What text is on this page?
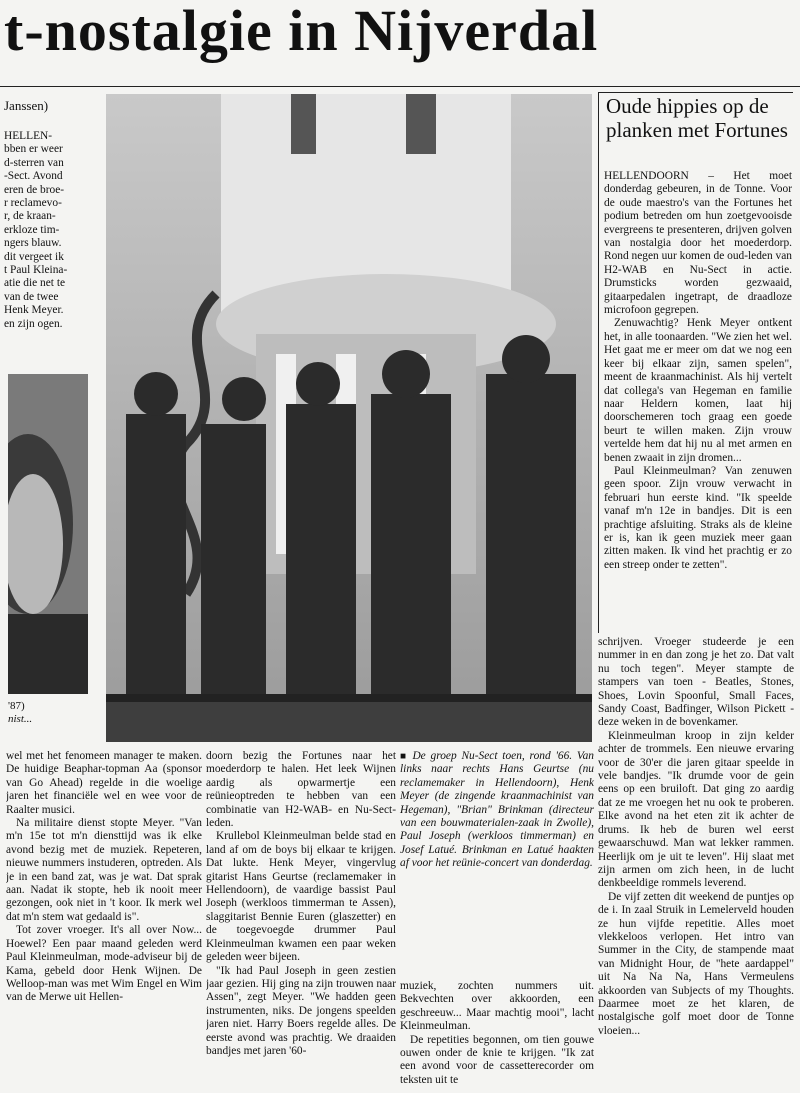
t-nostalgie in Nijverdal
Janssen)
HELLEN-
bben er weer
d-sterren van
-Sect. Avond
eren de broe-
r reclamevo-
r, de kraan-
erkloze tim-
ngers blauw.
dit vergeet ik
t Paul Kleina-
atie die net te
van de twee
Henk Meyer.
en zijn ogen.
'87)
nist...
Oude hippies op de planken met Fortunes

HELLENDOORN – Het moet donderdag gebeuren, in de Tonne. Voor de oude maestro's van the Fortunes het podium betreden om hun zoetgevooisde evergreens te presenteren, drijven golven van nostalgia door het moederdorp. Rond negen uur komen de oud-leden van H2-WAB en Nu-Sect in actie. Drumsticks worden gezwaaid, gitaarpedalen ingetrapt, de draadloze microfoon gegrepen.

Zenuwachtig? Henk Meyer ontkent het, in alle toonaarden. "We zien het wel. Het gaat me er meer om dat we nog een keer bij elkaar zijn, samen spelen", meent de kraanmachinist. Als hij vertelt dat collega's van Hegeman en familie naar Heldern komen, laat hij doorschemeren toch graag een goede beurt te willen maken. Zijn vrouw vertelde hem dat hij nu al met armen en benen zwaait in zijn dromen...

Paul Kleinmeulman? Van zenuwen geen spoor. Zijn vrouw verwacht in februari hun eerste kind. "Ik speelde vanaf m'n 12e in bandjes. Dit is een prachtige afsluiting. Straks als de kleine er is, kan ik geen muziek meer gaan zitten maken. Ik vind het prachtig er zo een streep onder te zetten".

wel met het fenomeen manager te maken. De huidige Beaphar-topman Aa (sponsor van Go Ahead) regelde in die woelige jaren het financiële wel en wee voor de Raalter musici.

Na militaire dienst stopte Meyer. "Van m'n 15e tot m'n diensttijd was ik elke avond bezig met de muziek. Repeteren, nieuwe nummers instuderen, optreden. Als je in een band zat, was je wat. Dat sprak aan. Nadat ik stopte, heb ik nooit meer gezongen, ook niet in 't koor. Ik merk wel dat m'n stem wat gedaald is".

Tot zover vroeger. It's all over Now... Hoewel? Een paar maand geleden werd Paul Kleinmeulman, mode-adviseur bij de Kama, gebeld door Henk Wijnen. De Welloop-man was met Wim Engel en Wim van de Merwe uit Hellen-

doorn bezig the Fortunes naar het moederdorp te halen. Het leek Wijnen aardig als opwarmertje een reünieoptreden te hebben van een combinatie van H2-WAB- en Nu-Sect-leden.

Krullebol Kleinmeulman belde stad en land af om de boys bij elkaar te krijgen. Dat lukte. Henk Meyer, vingervlug gitarist Hans Geurtse (reclamemaker in Hellendoorn), de vaardige bassist Paul Joseph (werkloos timmerman te Assen), slaggitarist Bennie Euren (glaszetter) en de toegevoegde drummer Paul Kleinmeulman kwamen een paar weken geleden weer bijeen.

"Ik had Paul Joseph in geen zestien jaar gezien. Hij ging na zijn trouwen naar Assen", zegt Meyer. "We hadden geen instrumenten, niks. De jongens speelden jaren niet. Harry Boers regelde alles. De eerste avond was prachtig. We draaiden bandjes met jaren '60-

■ De groep Nu-Sect toen, rond '66. Van links naar rechts Hans Geurtse (nu reclamemaker in Hellendoorn), Henk Meyer (de zingende kraanmachinist van Hegeman), "Brian" Brinkman (directeur van een bouwmaterialen-zaak in Zwolle), Paul Joseph (werkloos timmerman) en Josef Latué. Brinkman en Latué haakten af voor het reünie-concert van donderdag.

muziek, zochten nummers uit. Bekvechten over akkoorden, een geschreeuw... Maar machtig mooi", lacht Kleinmeulman.

De repetities begonnen, om tien gouwe ouwen onder de knie te krijgen. "Ik zat een avond voor de cassetterecorder om teksten uit te

schrijven. Vroeger studeerde je een nummer in en dan zong je het zo. Dat valt nu toch tegen". Meyer stampte de stampers van toen - Beatles, Stones, Shoes, Lovin Spoonful, Small Faces, Sandy Coast, Badfinger, Wilson Pickett - deze weken in de bovenkamer.

Kleinmeulman kroop in zijn kelder achter de trommels. Een nieuwe ervaring voor de 30'er die jaren gitaar speelde in vele bandjes. "Ik drumde voor de gein eens op een bruiloft. Dat ging zo aardig dat ze me vroegen het nu ook te proberen. Elke avond na het eten zit ik achter de drums. Ik heb de buren wel eerst gewaarschuwd. Man wat lekker rammen. Heerlijk om je uit te leven". Hij slaat met zijn armen om zich heen, in de lucht denkbeeldige rommels leverend.

De vijf zetten dit weekend de puntjes op de i. In zaal Struik in Lemelerveld houden ze hun vijfde repetitie. Alles moet vlekkeloos verlopen. Het intro van Summer in the City, de stampende maat van Midnight Hour, de "hete aardappel" uit Na Na Na, Hans Vermeulens akkoorden van Subjects of my Thoughts. Daarmee moet ze het klaren, de nostalgische golf moet door de Tonne vloeien...
